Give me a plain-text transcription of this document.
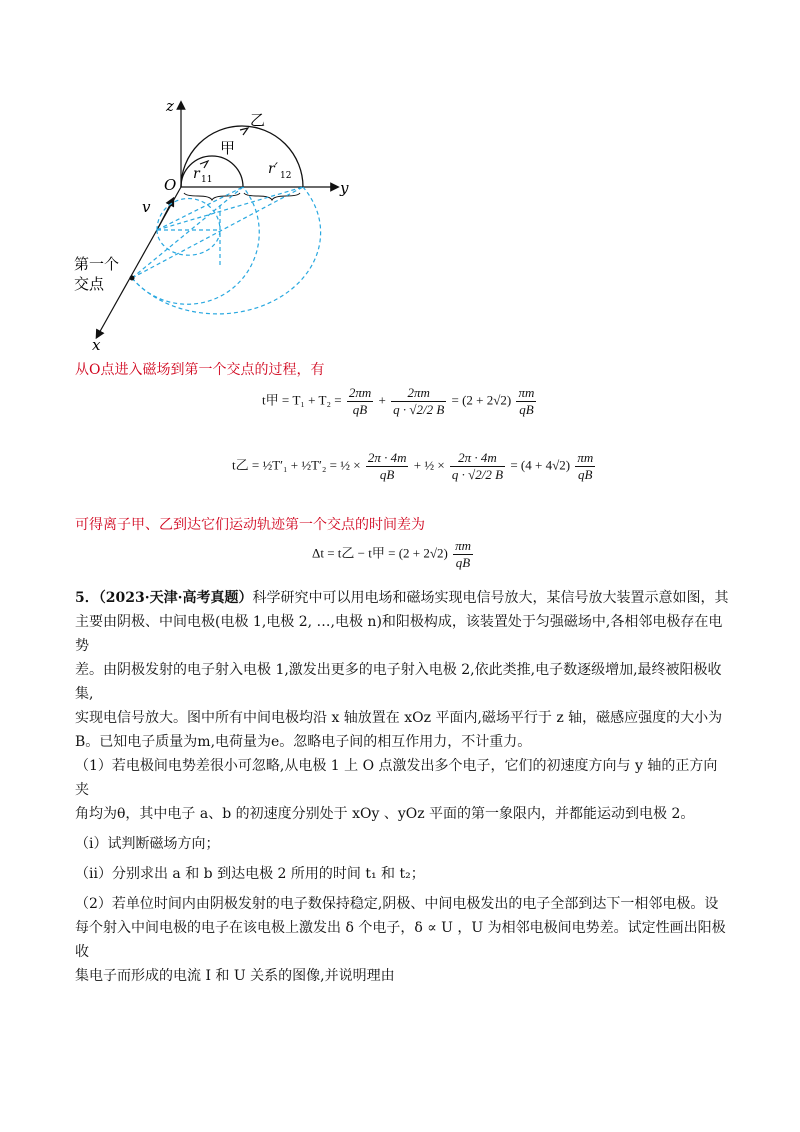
z
y
x
O
甲
乙
r 11
r′ 12
v
第一个
交点
从O点进入磁场到第一个交点的过程，有
t甲 = $T_1 + T_2 = \frac{2\pi m}{qB} + \frac{2\pi m}{q \cdot √2/2 B} = (2 + 2√2) \frac{\pi m}{qB}$
t乙 = ½T′₁ + ½T′₂ = ½ × $\frac{2\pi \cdot 4m}{qB}$ + ½ × $\frac{2\pi \cdot 4m}{q \cdot √2/2 B} = (4 + 4√2) \frac{\pi m}{qB}$
可得离子甲、乙到达它们运动轨迹第一个交点的时间差为
Δt = t乙 − t甲 = $(2 + 2√2) \frac{\pi m}{qB}$
5．（2023·天津·高考真题）科学研究中可以用电场和磁场实现电信号放大，某信号放大装置示意如图，其
主要由阴极、中间电极(电极 1,电极 2, …,电极 n)和阳极构成，该装置处于匀强磁场中,各相邻电极存在电势
差。由阴极发射的电子射入电极 1,激发出更多的电子射入电极 2,依此类推,电子数逐级增加,最终被阳极收集,
实现电信号放大。图中所有中间电极均沿 x 轴放置在 xOz 平面内,磁场平行于 z 轴，磁感应强度的大小为
B。已知电子质量为m,电荷量为e。忽略电子间的相互作用力，不计重力。
（1）若电极间电势差很小可忽略,从电极 1 上 O 点激发出多个电子，它们的初速度方向与 y 轴的正方向夹
角均为θ，其中电子 a、b 的初速度分别处于 xOy 、yOz 平面的第一象限内，并都能运动到电极 2。
（i）试判断磁场方向；
（ii）分别求出 a 和 b 到达电极 2 所用的时间 t₁ 和 t₂；
（2）若单位时间内由阴极发射的电子数保持稳定,阴极、中间电极发出的电子全部到达下一相邻电极。设
每个射入中间电极的电子在该电极上激发出 δ 个电子，δ ∝ U ，U 为相邻电极间电势差。试定性画出阳极收
集电子而形成的电流 I 和 U 关系的图像,并说明理由
